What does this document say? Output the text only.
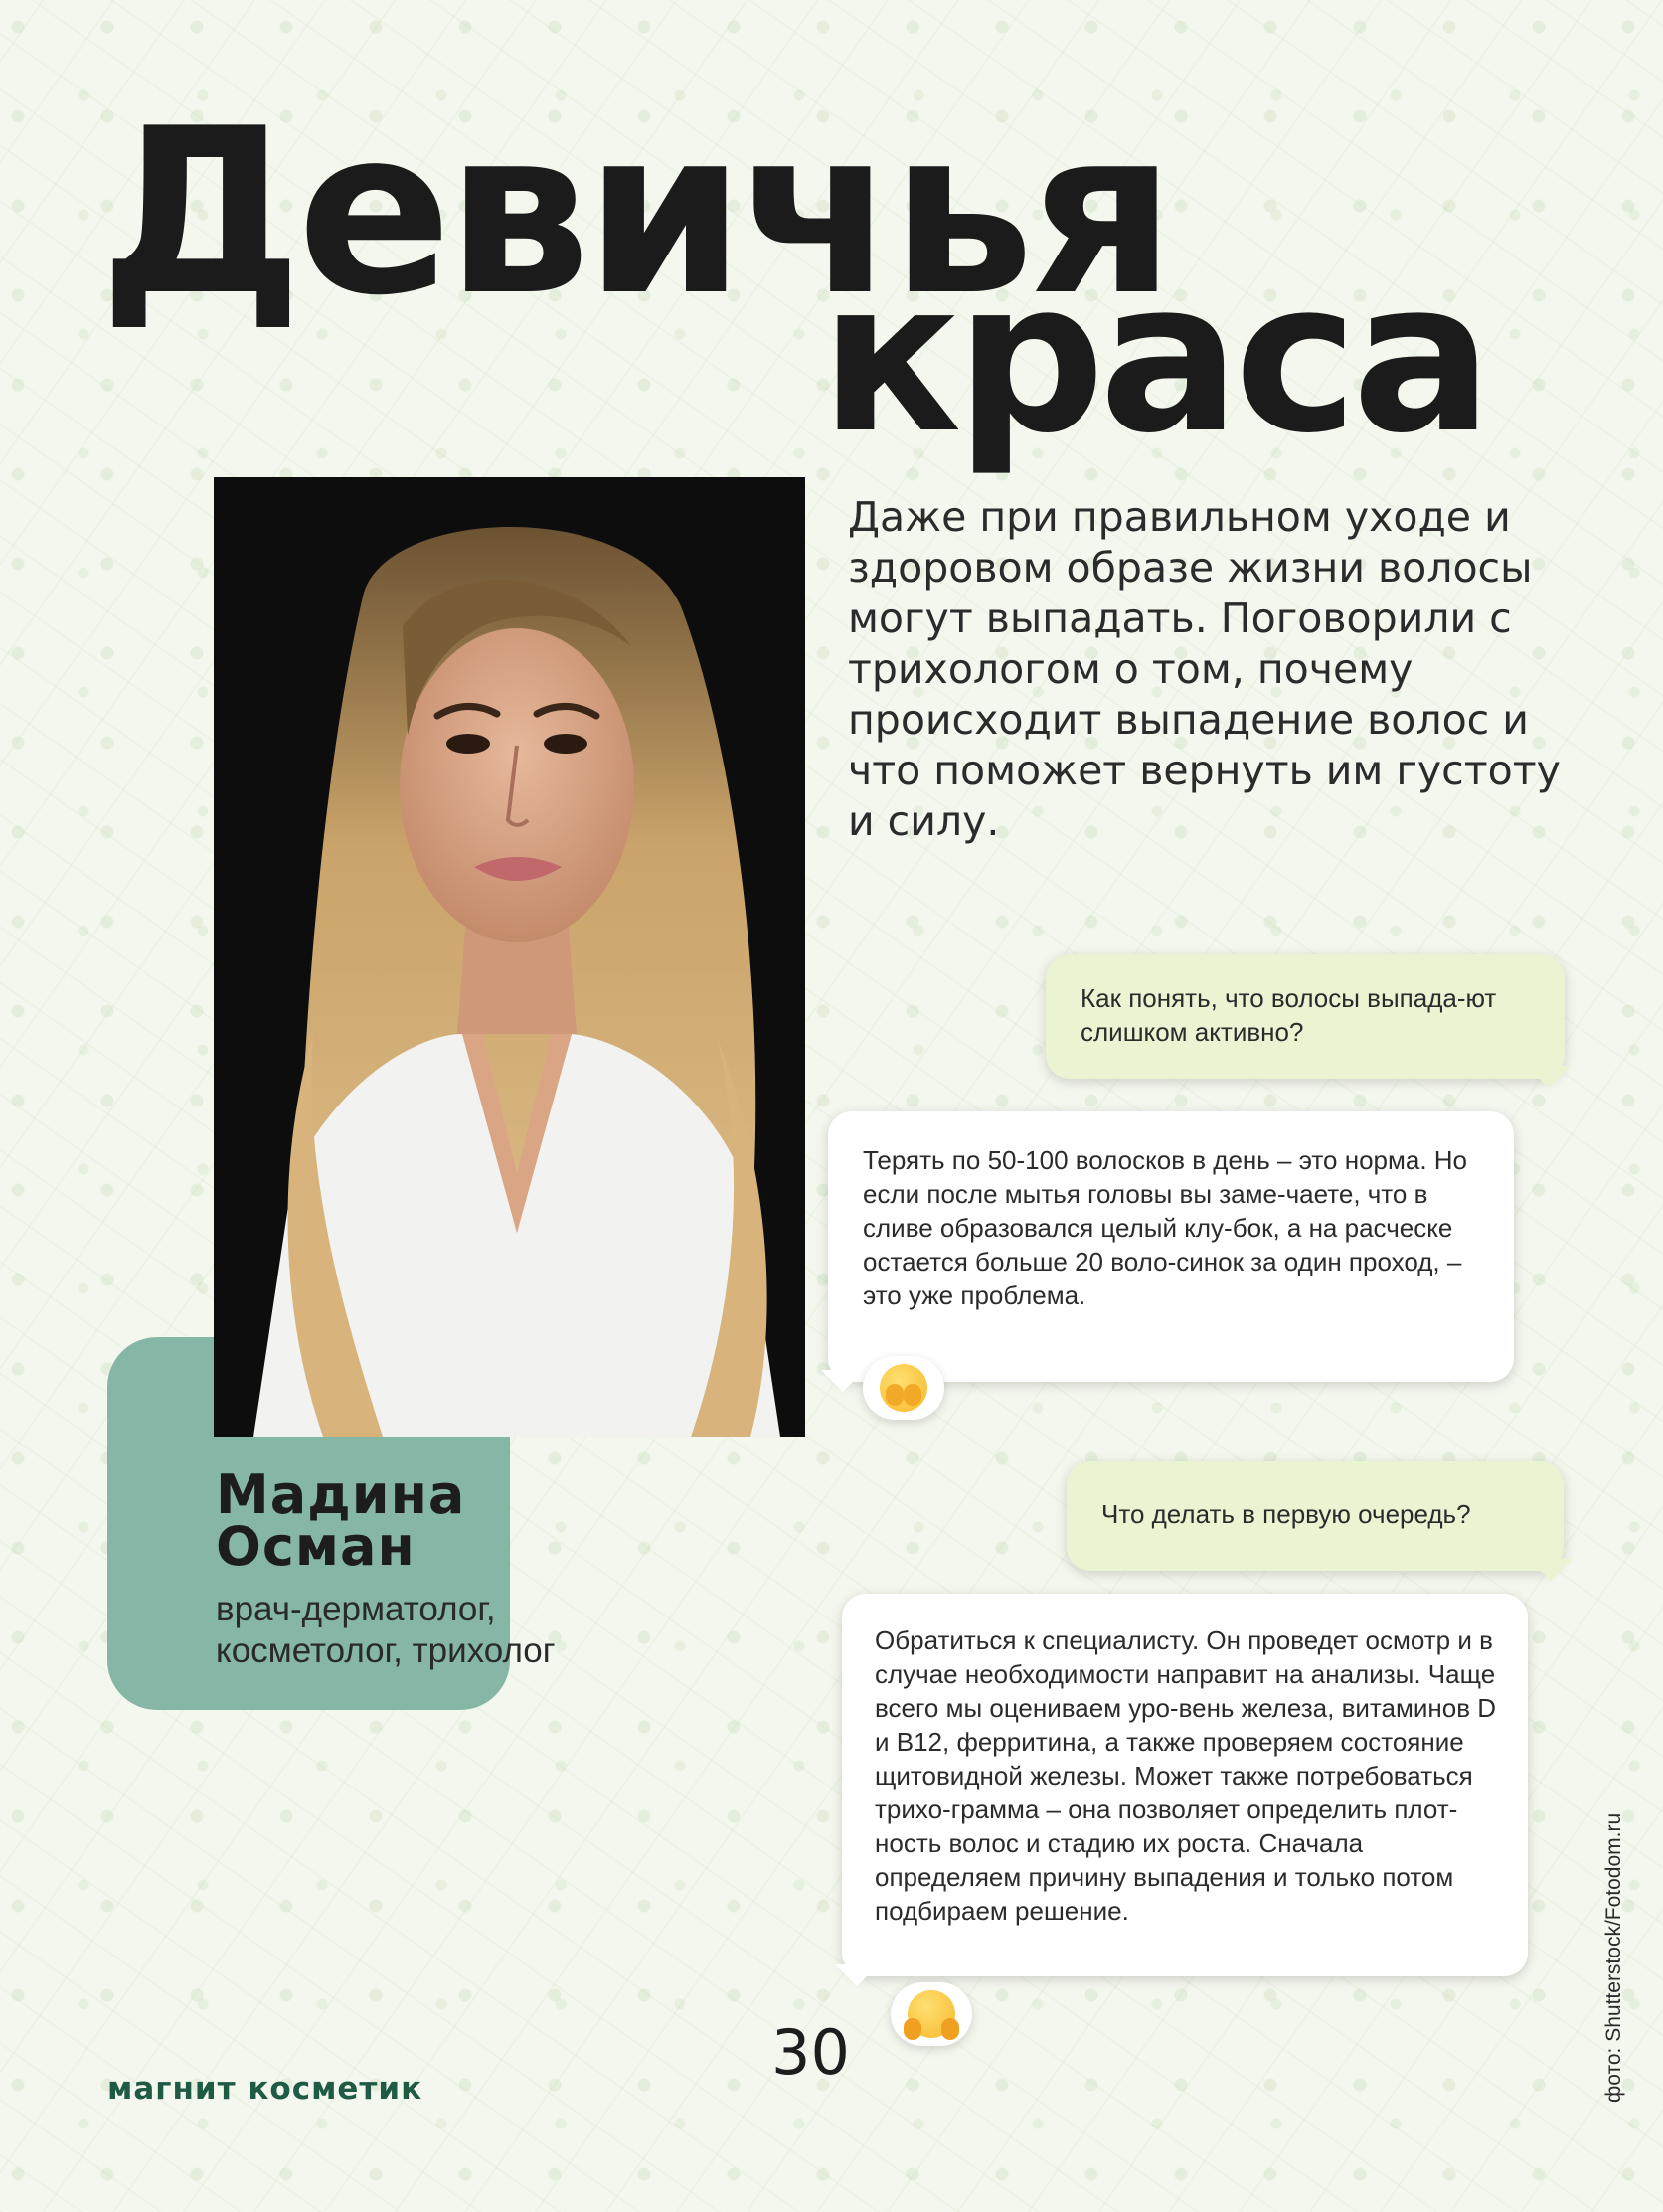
Девичья
краса

Даже при правильном уходе и здоровом образе жизни волосы могут выпадать. Поговорили с трихологом о том, почему происходит выпадение волос и что поможет вернуть им густоту и силу.

Мадина
Осман

врач-дерматолог,
косметолог, трихолог

Как понять, что волосы выпада-ют слишком активно?
Терять по 50-100 волосков в день – это норма. Но если после мытья головы вы заме-чаете, что в сливе образовался целый клу-бок, а на расческе остается больше 20 воло-синок за один проход, – это уже проблема.
Что делать в первую очередь?
Обратиться к специалисту. Он проведет осмотр и в случае необходимости направит на анализы. Чаще всего мы оцениваем уро-вень железа, витаминов D и B12, ферритина, а также проверяем состояние щитовидной железы. Может также потребоваться трихо-грамма – она позволяет определить плот-ность волос и стадию их роста. Сначала определяем причину выпадения и только потом подбираем решение.

магнит косметик	30	фото: Shutterstock/Fotodom.ru
